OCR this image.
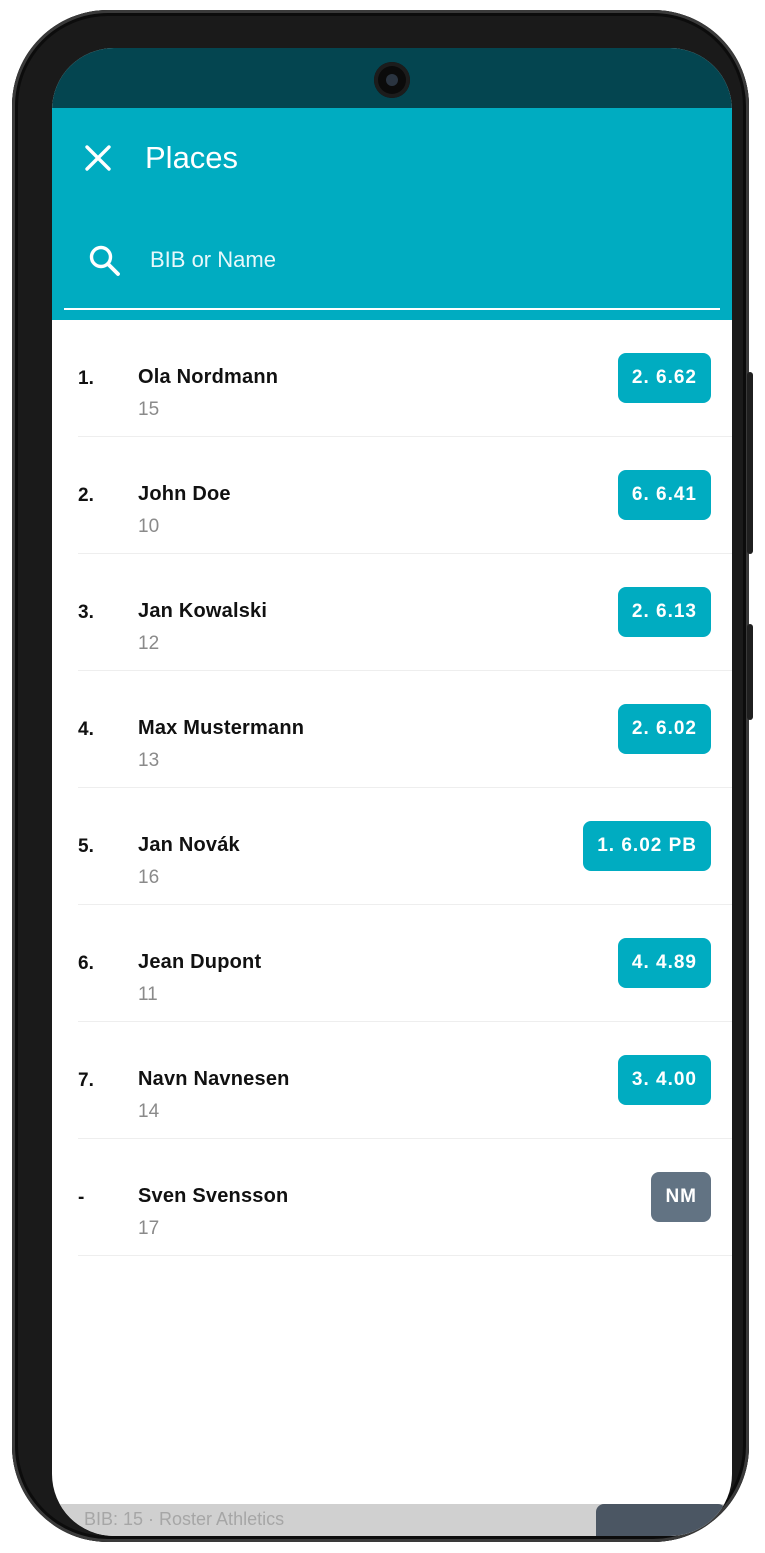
Places
BIB or Name
1. Ola Nordmann
15
2. 6.62
2. John Doe
10
6. 6.41
3. Jan Kowalski
12
2. 6.13
4. Max Mustermann
13
2. 6.02
5. Jan Novák
16
1. 6.02 PB
6. Jean Dupont
11
4. 4.89
7. Navn Navnesen
14
3. 4.00
-	Sven Svensson
17
NM
BIB: 15 · Roster Athletics
